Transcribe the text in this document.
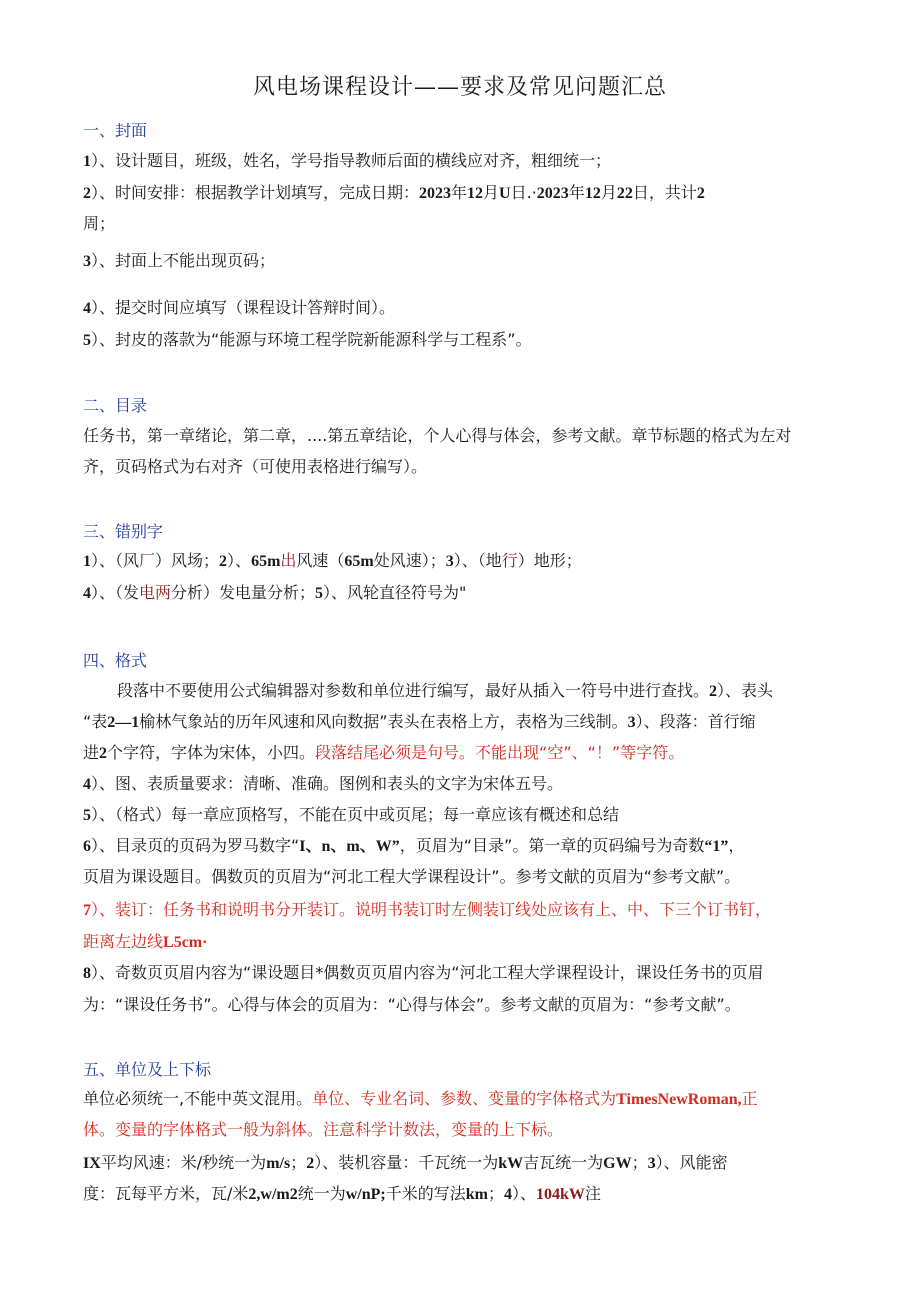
风电场课程设计——要求及常见问题汇总
一、封面
1）、设计题目，班级，姓名，学号指导教师后面的横线应对齐，粗细统一；
2）、时间安排：根据教学计划填写，完成日期：2023年12月U日.·2023年12月22日，共计2
周；
3）、封面上不能出现页码；
4）、提交时间应填写（课程设计答辩时间）。
5）、封皮的落款为“能源与环境工程学院新能源科学与工程系”。
二、目录
任务书，第一章绪论，第二章，....第五章结论，个人心得与体会，参考文献。章节标题的格式为左对
齐，页码格式为右对齐（可使用表格进行编写）。
三、错别字
1）、（风厂）风场；2）、65m出风速（65m处风速）；3）、（地行）地形；
4）、（发电两分析）发电量分析；5）、风轮直径符号为"
四、格式
段落中不要使用公式编辑器对参数和单位进行编写，最好从插入一符号中进行查找。2）、表头
“表2—1榆林气象站的历年风速和风向数据”表头在表格上方，表格为三线制。3）、段落：首行缩
进2个字符，字体为宋体，小四。段落结尾必须是句号。不能出现“空”、“！”等字符。
4）、图、表质量要求：清晰、准确。图例和表头的文字为宋体五号。
5）、（格式）每一章应顶格写，不能在页中或页尾；每一章应该有概述和总结
6）、目录页的页码为罗马数字“I、n、m、W”，页眉为“目录”。第一章的页码编号为奇数“1”，
页眉为课设题目。偶数页的页眉为“河北工程大学课程设计”。参考文献的页眉为“参考文献”。
7）、装订：任务书和说明书分开装订。说明书装订时左侧装订线处应该有上、中、下三个订书钉，
距离左边线L5cm·
8）、奇数页页眉内容为“课设题目*偶数页页眉内容为“河北工程大学课程设计，课设任务书的页眉
为：“课设任务书”。心得与体会的页眉为：“心得与体会”。参考文献的页眉为：“参考文献”。
五、单位及上下标
单位必须统一,不能中英文混用。单位、专业名词、参数、变量的字体格式为TimesNewRoman,正
体。变量的字体格式一般为斜体。注意科学计数法，变量的上下标。
IX平均风速：米/秒统一为m/s；2）、装机容量：千瓦统一为kW吉瓦统一为GW；3）、风能密
度：瓦每平方米，瓦/米2,w/m2统一为w/nP;千米的写法km；4）、104kW注
